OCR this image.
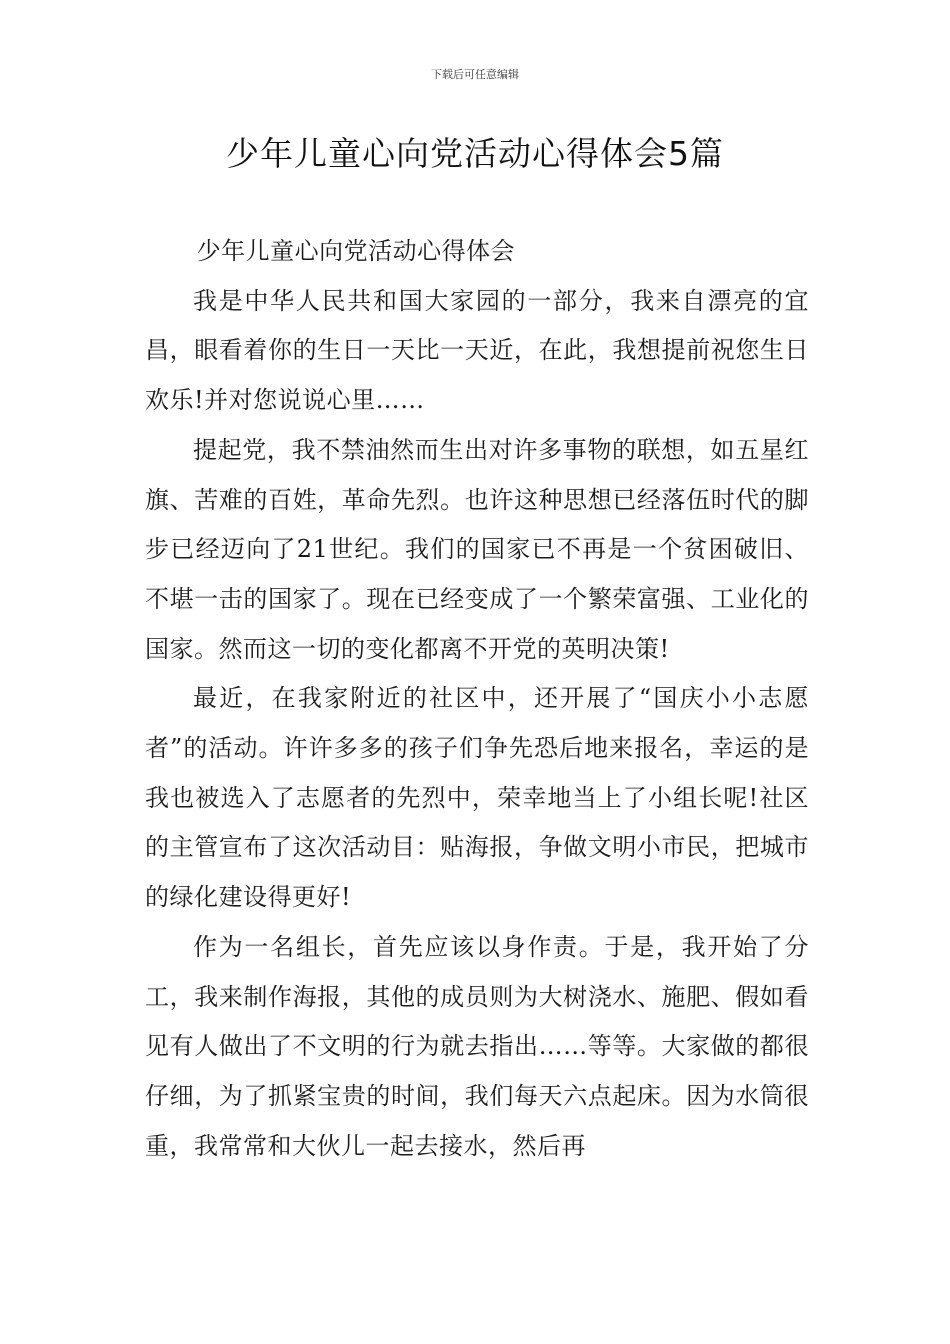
下载后可任意编辑
少年儿童心向党活动心得体会5篇

少年儿童心向党活动心得体会

我是中华人民共和国大家园的一部分，我来自漂亮的宜昌，眼看着你的生日一天比一天近，在此，我想提前祝您生日欢乐!并对您说说心里……

提起党，我不禁油然而生出对许多事物的联想，如五星红旗、苦难的百姓，革命先烈。也许这种思想已经落伍时代的脚步已经迈向了21世纪。我们的国家已不再是一个贫困破旧、不堪一击的国家了。现在已经变成了一个繁荣富强、工业化的国家。然而这一切的变化都离不开党的英明决策!

最近，在我家附近的社区中，还开展了“国庆小小志愿者”的活动。许许多多的孩子们争先恐后地来报名，幸运的是我也被选入了志愿者的先烈中，荣幸地当上了小组长呢!社区的主管宣布了这次活动目：贴海报，争做文明小市民，把城市的绿化建设得更好!

作为一名组长，首先应该以身作责。于是，我开始了分工，我来制作海报，其他的成员则为大树浇水、施肥、假如看见有人做出了不文明的行为就去指出……等等。大家做的都很仔细，为了抓紧宝贵的时间，我们每天六点起床。因为水筒很重，我常常和大伙儿一起去接水，然后再
